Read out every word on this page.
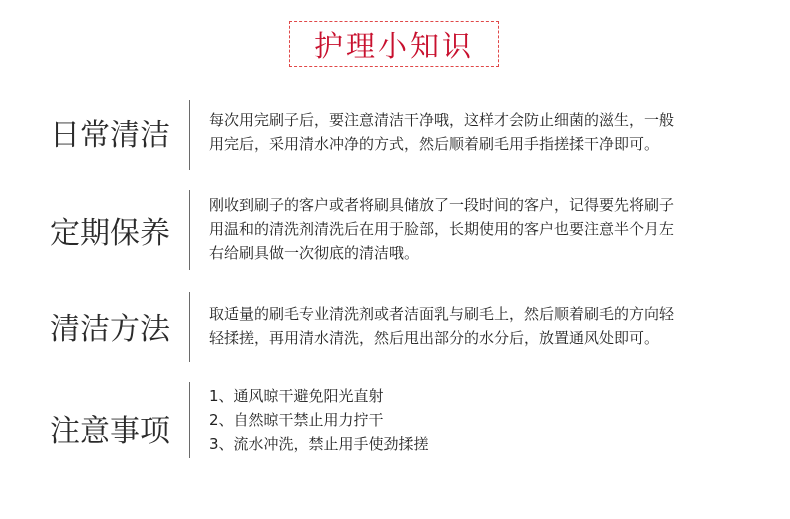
护理小知识
日常清洁	每次用完刷子后，要注意清洁干净哦，这样才会防止细菌的滋生，一般
用完后，采用清水冲净的方式，然后顺着刷毛用手指搓揉干净即可。
定期保养
刚收到刷子的客户或者将刷具储放了一段时间的客户，记得要先将刷子
用温和的清洗剂清洗后在用于脸部，长期使用的客户也要注意半个月左
右给刷具做一次彻底的清洁哦。
清洁方法	取适量的刷毛专业清洗剂或者洁面乳与刷毛上，然后顺着刷毛的方向轻
轻揉搓，再用清水清洗，然后甩出部分的水分后，放置通风处即可。
注意事项
1、通风晾干避免阳光直射
2、自然晾干禁止用力拧干
3、流水冲洗，禁止用手使劲揉搓
